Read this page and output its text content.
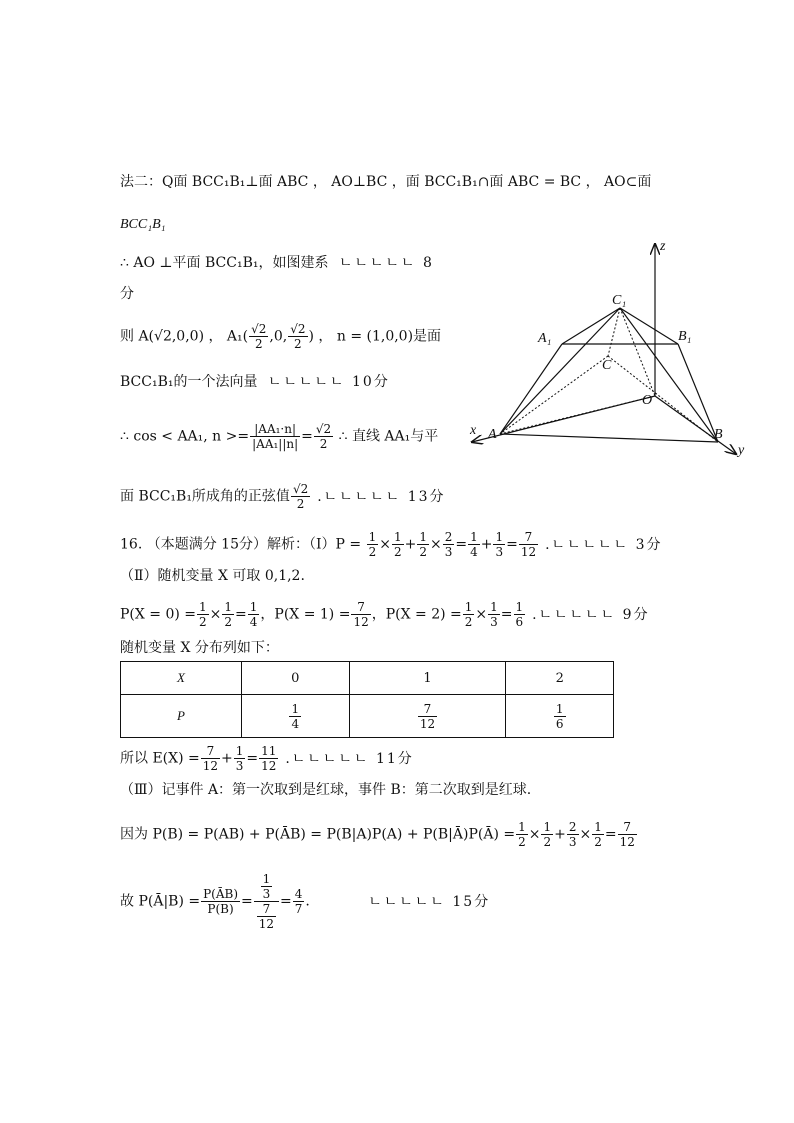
法二：Q面 BCC₁B₁⊥面 ABC ， AO⊥BC ，面 BCC₁B₁∩面 ABC = BC ， AO⊂面
BCC₁B₁
∴ AO ⊥平面 BCC₁B₁，如图建系 ㄴㄴㄴㄴㄴ 8
分
则 A(√2,0,0) ， $A_1( \frac{√2}{2} ,0$, $\frac{√2}{2}$ ) ， n = (1,0,0)是面
BCC₁B₁的一个法向量 ㄴㄴㄴㄴㄴ 10分
∴ cos < AA₁, $n >= \frac{\text{|AA₁·n|}}{\text{|AA₁||n|}} = \frac{√2}{2}$ ∴ 直线 AA₁与平
面 BCC₁B₁所成角的正弦值 $\frac{√2}{2}$ .ㄴㄴㄴㄴㄴ 13分
z
C₁
A₁	B₁
C
O
x A	B
y
16. （本题满分 15分）解析：（Ⅰ）P = $\frac{1}{2} \times \frac{1}{2} + \frac{1}{2} \times \frac{2}{3} = \frac{1}{4} + \frac{1}{3} = \frac{7}{12}$ .ㄴㄴㄴㄴㄴ 3分
（Ⅱ）随机变量 X 可取 0,1,2.
$P(X = 0) = \frac{1}{2} \times \frac{1}{2} = \frac{1}{4}$ ，$P(X = 1) = \frac{7}{12}$ ，$P(X = 2) = \frac{1}{2} \times \frac{1}{3} = \frac{1}{6}$ .ㄴㄴㄴㄴㄴ 9分
随机变量 X 分布列如下：
X	0	1	2
P	$\frac{1}{4}$	$\frac{7}{12}$	$\frac{1}{6}$
所以 $E(X) = \frac{7}{12} + \frac{1}{3} = \frac{11}{12}$ .ㄴㄴㄴㄴㄴ 11分
（Ⅲ）记事件 A：第一次取到是红球，事件 B：第二次取到是红球.
因为 P(B) = P(AB) + P(ĀB) = P(B|A)P(A) + P(B|Ā)P(Ā) = $\frac{1}{2} \times \frac{1}{2} + \frac{2}{3} \times \frac{1}{2} = \frac{7}{12}$
故 P(Ā|B) = $\frac{P(ĀB)}{P(B)} = \frac{\frac{1}{3}}{\frac{7}{12}} = \frac{4}{7}$ .	ㄴㄴㄴㄴㄴ 15分
